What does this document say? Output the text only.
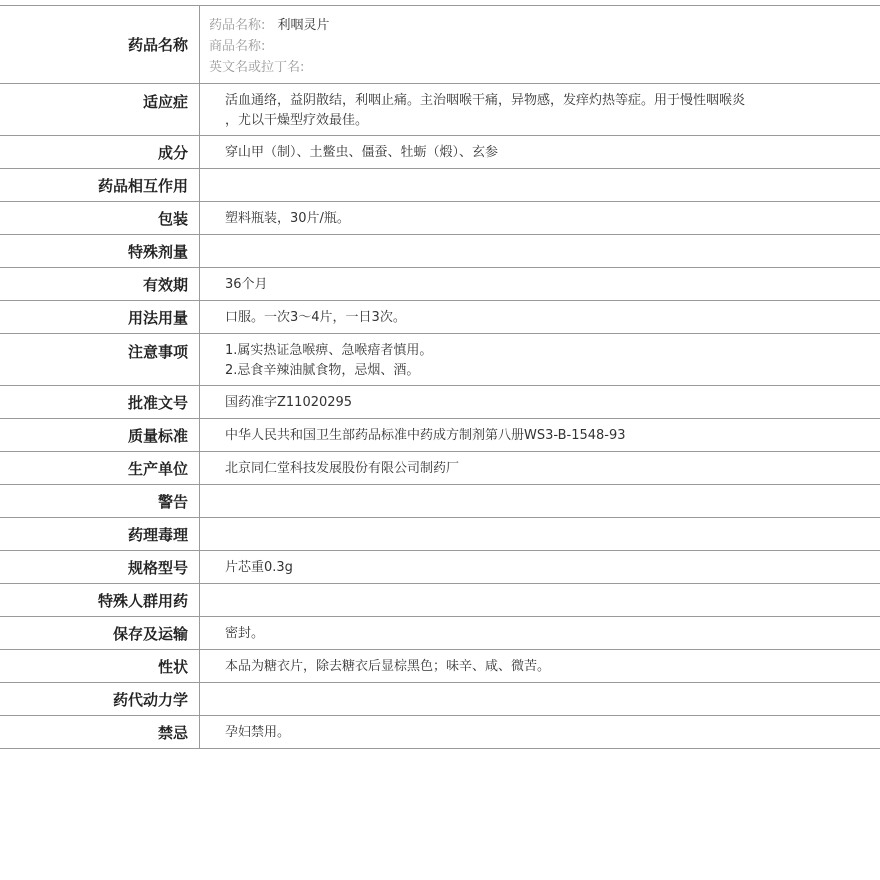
药品名称
药品名称: 利咽灵片
商品名称:
英文名或拉丁名:
适应症	活血通络，益阴散结，利咽止痛。主治咽喉干痛，异物感，发痒灼热等症。用于慢性咽喉炎
，尤以干燥型疗效最佳。
成分	穿山甲（制）、土鳖虫、僵蚕、牡蛎（煅）、玄参
药品相互作用
包装	塑料瓶装，30片/瓶。
特殊剂量
有效期	36个月
用法用量	口服。一次3～4片，一日3次。
注意事项	1.属实热证急喉痹、急喉瘖者慎用。
2.忌食辛辣油腻食物，忌烟、酒。
批准文号	国药准字Z11020295
质量标准	中华人民共和国卫生部药品标准中药成方制剂第八册WS3-B-1548-93
生产单位	北京同仁堂科技发展股份有限公司制药厂
警告
药理毒理
规格型号	片芯重0.3g
特殊人群用药
保存及运输	密封。
性状	本品为糖衣片，除去糖衣后显棕黑色；味辛、咸、微苦。
药代动力学
禁忌	孕妇禁用。
